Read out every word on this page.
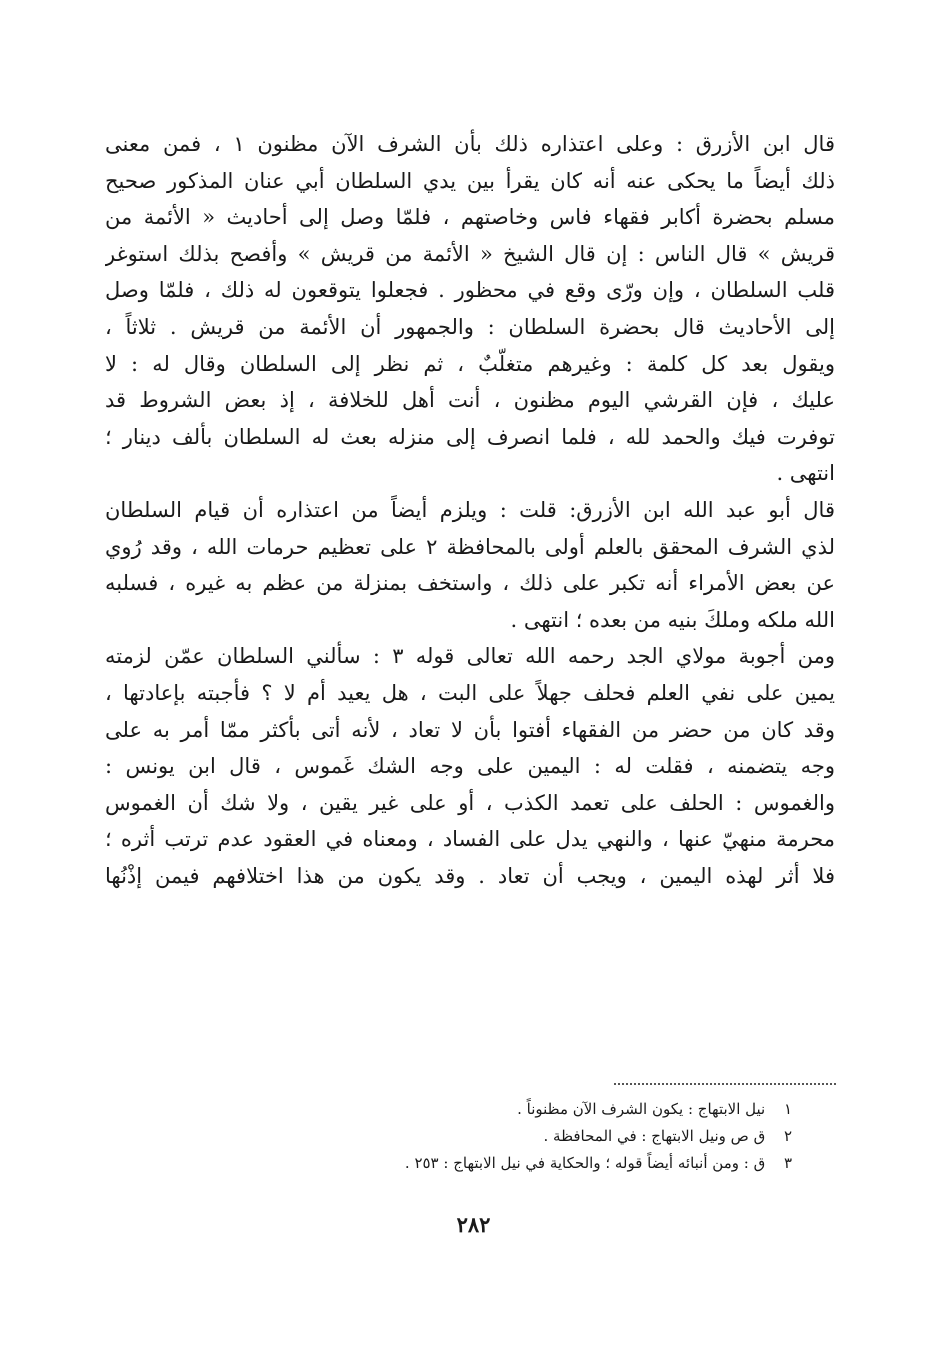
قال ابن الأزرق : وعلى اعتذاره ذلك بأن الشرف الآن مظنون ١ ، فمن معنى
ذلك أيضاً ما يحكى عنه أنه كان يقرأ بين يدي السلطان أبي عنان المذكور صحيح
مسلم بحضرة أكابر فقهاء فاس وخاصتهم ، فلمّا وصل إلى أحاديث « الأئمة من
قريش » قال الناس : إن قال الشيخ « الأئمة من قريش » وأفصح بذلك استوغر
قلب السلطان ، وإن ورّى وقع في محظور . فجعلوا يتوقعون له ذلك ، فلمّا وصل
إلى الأحاديث قال بحضرة السلطان : والجمهور أن الأئمة من قريش . ثلاثاً ،
ويقول بعد كل كلمة : وغيرهم متغلّبٌ ، ثم نظر إلى السلطان وقال له : لا
عليك ، فإن القرشي اليوم مظنون ، أنت أهل للخلافة ، إذ بعض الشروط قد
توفرت فيك والحمد لله ، فلما انصرف إلى منزله بعث له السلطان بألف دينار ؛
انتهى .
قال أبو عبد الله ابن الأزرق: قلت : ويلزم أيضاً من اعتذاره أن قيام السلطان
لذي الشرف المحقق بالعلم أولى بالمحافظة ٢ على تعظيم حرمات الله ، وقد رُوي
عن بعض الأمراء أنه تكبر على ذلك ، واستخف بمنزلة من عظم به غيره ، فسلبه
الله ملكه وملكَ بنيه من بعده ؛ انتهى .
ومن أجوبة مولاي الجد رحمه الله تعالى قوله ٣ : سألني السلطان عمّن لزمته
يمين على نفي العلم فحلف جهلاً على البت ، هل يعيد أم لا ؟ فأجبته بإعادتها ،
وقد كان من حضر من الفقهاء أفتوا بأن لا تعاد ، لأنه أتى بأكثر ممّا أمر به على
وجه يتضمنه ، فقلت له : اليمين على وجه الشك غَموس ، قال ابن يونس :
والغموس : الحلف على تعمد الكذب ، أو على غير يقين ، ولا شك أن الغموس
محرمة منهيّ عنها ، والنهي يدل على الفساد ، ومعناه في العقود عدم ترتب أثره ؛
فلا أثر لهذه اليمين ، ويجب أن تعاد . وقد يكون من هذا اختلافهم فيمن إذْنُها
١ نيل الابتهاج : يكون الشرف الآن مظنوناً .
٢ ق ص ونيل الابتهاج : في المحافظة .
٣ ق : ومن أنبائه أيضاً قوله ؛ والحكاية في نيل الابتهاج : ٢٥٣ .
٢٨٢
